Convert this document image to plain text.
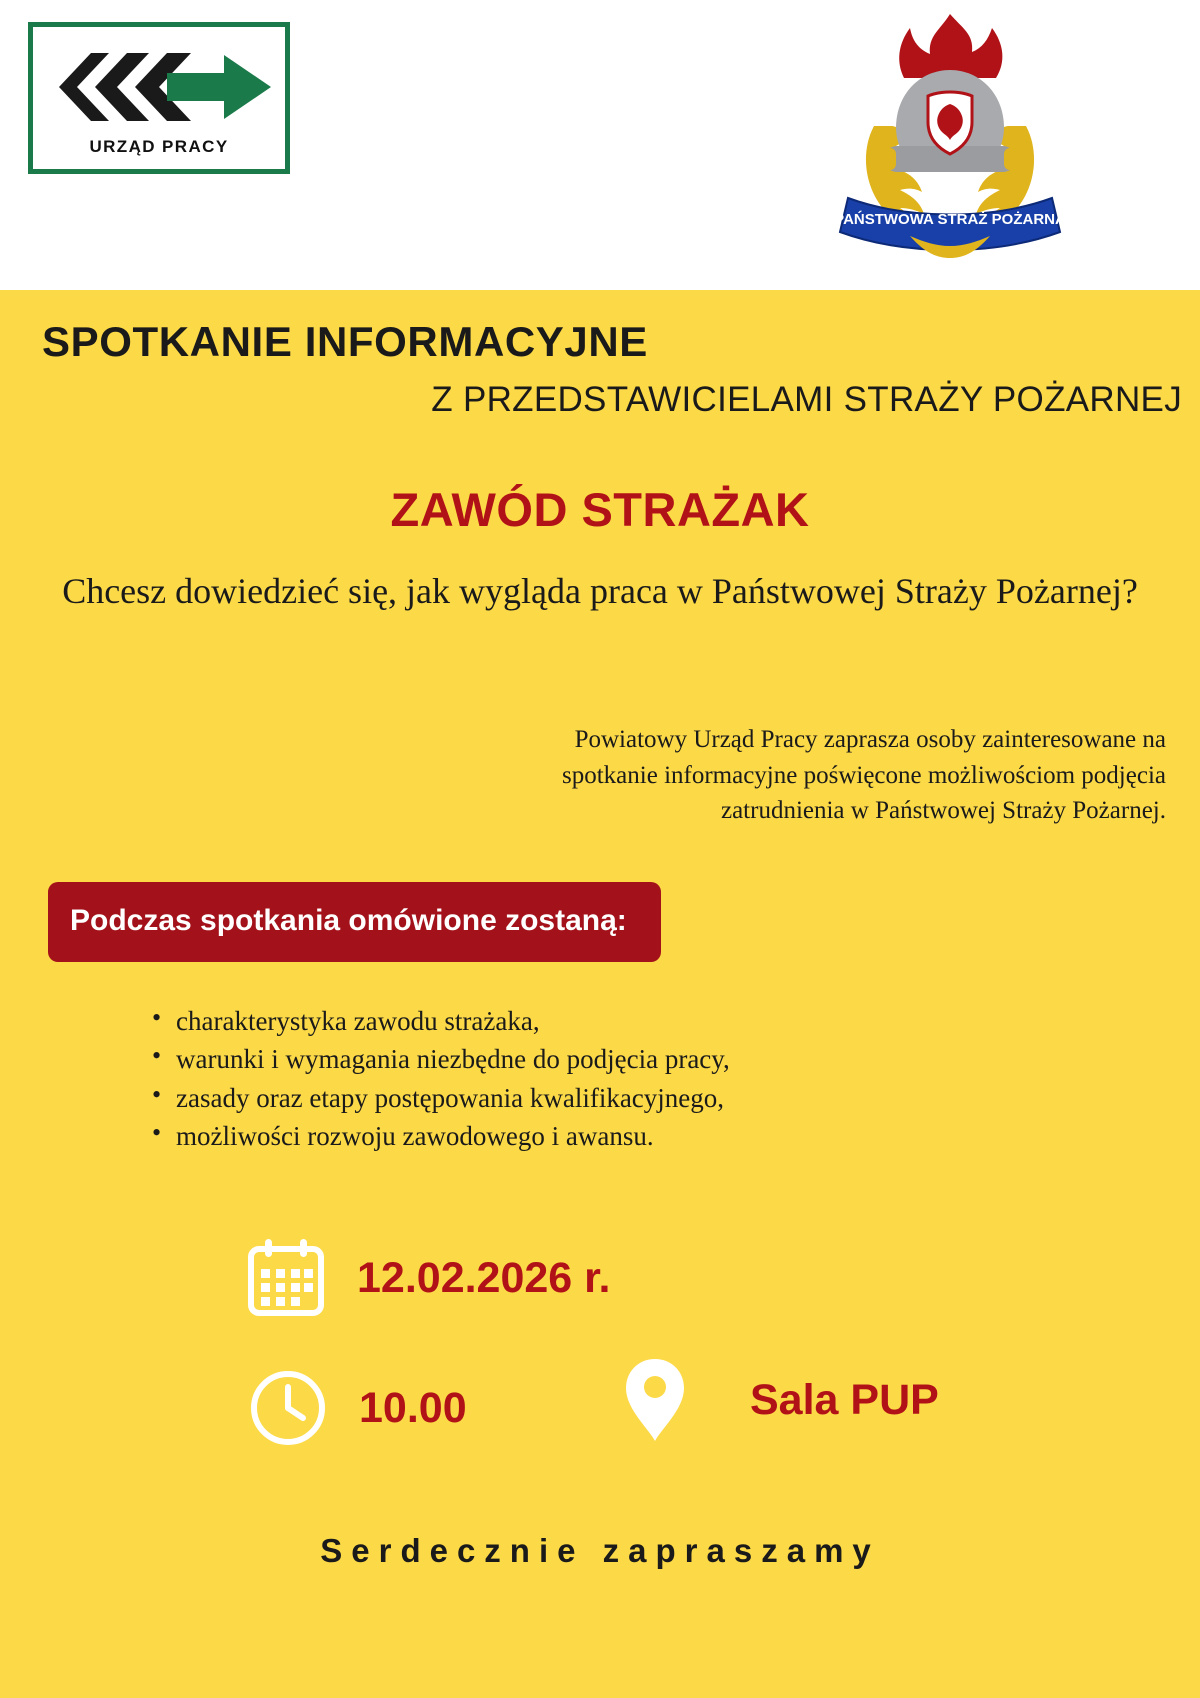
URZĄD PRACY
PAŃSTWOWA STRAŻ POŻARNA
SPOTKANIE INFORMACYJNE
Z PRZEDSTAWICIELAMI STRAŻY POŻARNEJ
ZAWÓD STRAŻAK
Chcesz dowiedzieć się, jak wygląda praca w Państwowej Straży Pożarnej?
Powiatowy Urząd Pracy zaprasza osoby zainteresowane na spotkanie informacyjne poświęcone możliwościom podjęcia zatrudnienia w Państwowej Straży Pożarnej.
Podczas spotkania omówione zostaną:
• charakterystyka zawodu strażaka,
• warunki i wymagania niezbędne do podjęcia pracy,
• zasady oraz etapy postępowania kwalifikacyjnego,
• możliwości rozwoju zawodowego i awansu.
12.02.2026 r.
10.00	Sala PUP
Serdecznie zapraszamy
